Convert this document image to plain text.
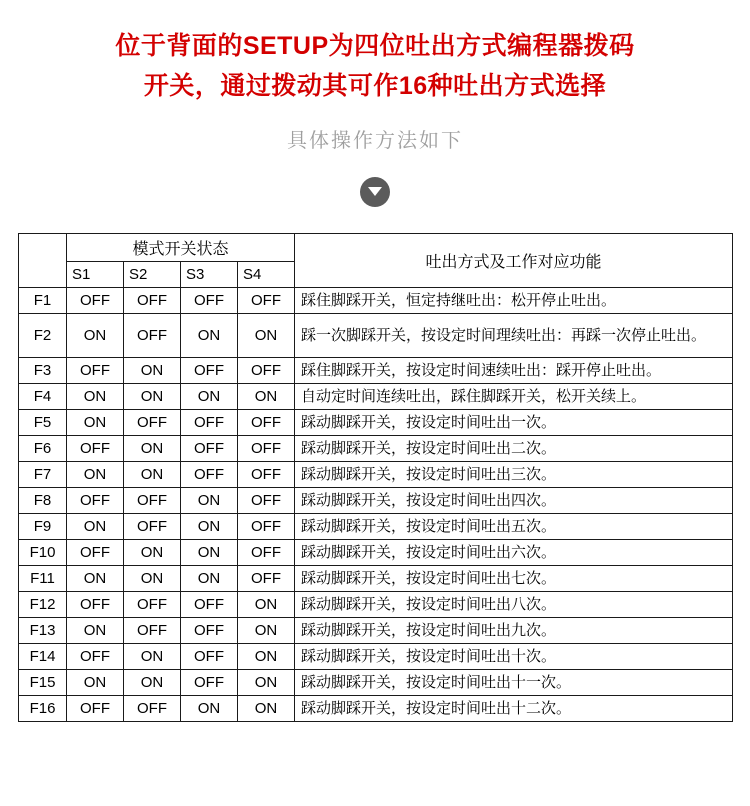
位于背面的SETUP为四位吐出方式编程器拨码
开关，通过拨动其可作16种吐出方式选择
具体操作方法如下
	模式开关状态				吐出方式及工作对应功能
	S1	S2	S3	S4	
F1	OFF	OFF	OFF	OFF	踩住脚踩开关，恒定持继吐出：松开停止吐出。
F2	ON	OFF	ON	ON	踩一次脚踩开关，按设定时间理续吐出：再踩一次停止吐出。
F3	OFF	ON	OFF	OFF	踩住脚踩开关，按设定时间速续吐出：踩开停止吐出。
F4	ON	ON	ON	ON	自动定时间连续吐出，踩住脚踩开关，松开关续上。
F5	ON	OFF	OFF	OFF	踩动脚踩开关，按设定时间吐出一次。
F6	OFF	ON	OFF	OFF	踩动脚踩开关，按设定时间吐出二次。
F7	ON	ON	OFF	OFF	踩动脚踩开关，按设定时间吐出三次。
F8	OFF	OFF	ON	OFF	踩动脚踩开关，按设定时间吐出四次。
F9	ON	OFF	ON	OFF	踩动脚踩开关，按设定时间吐出五次。
F10	OFF	ON	ON	OFF	踩动脚踩开关，按设定时间吐出六次。
F11	ON	ON	ON	OFF	踩动脚踩开关，按设定时间吐出七次。
F12	OFF	OFF	OFF	ON	踩动脚踩开关，按设定时间吐出八次。
F13	ON	OFF	OFF	ON	踩动脚踩开关，按设定时间吐出九次。
F14	OFF	ON	OFF	ON	踩动脚踩开关，按设定时间吐出十次。
F15	ON	ON	OFF	ON	踩动脚踩开关，按设定时间吐出十一次。
F16	OFF	OFF	ON	ON	踩动脚踩开关，按设定时间吐出十二次。
